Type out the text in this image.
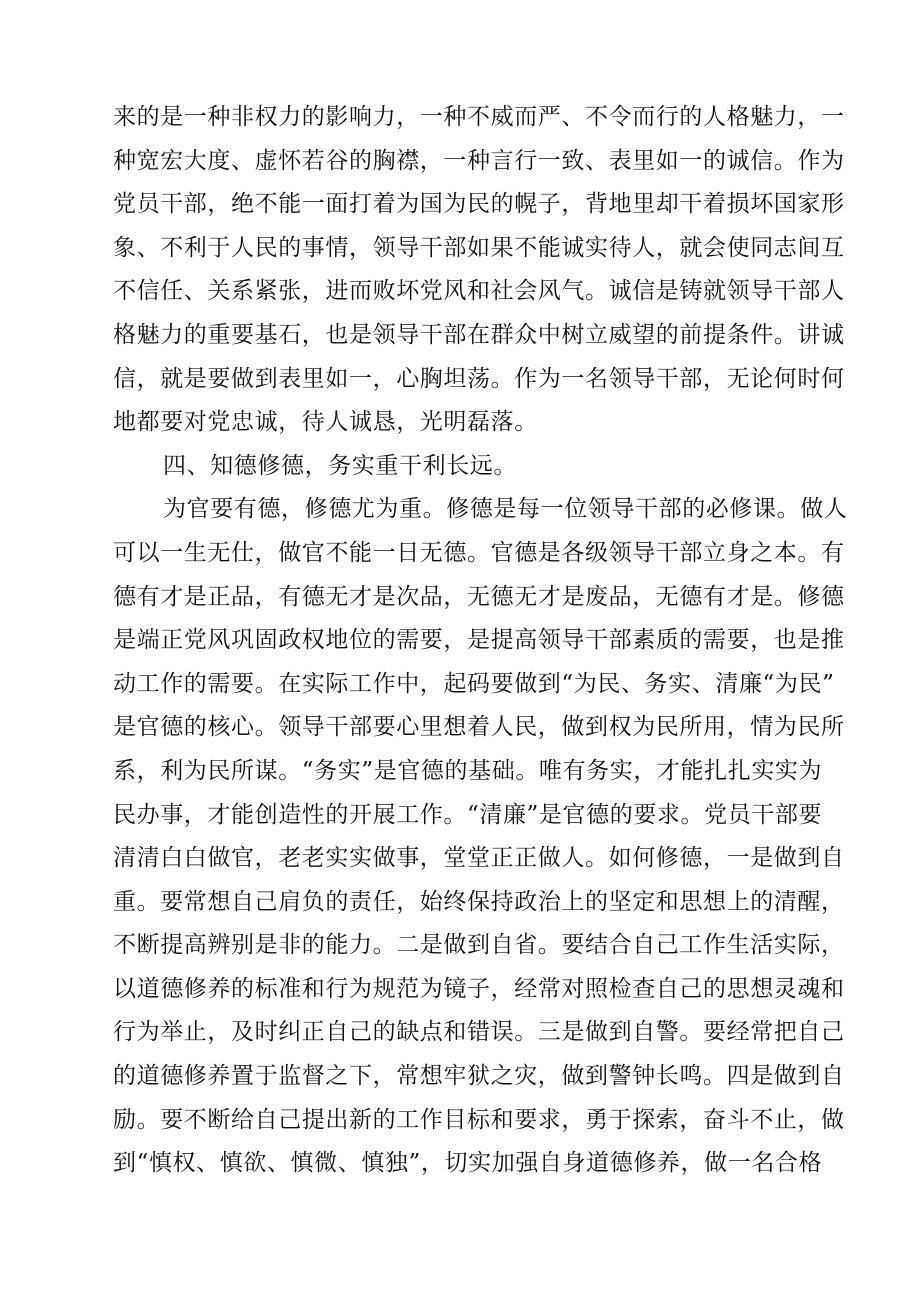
来的是一种非权力的影响力，一种不威而严、不令而行的人格魅力，一
种宽宏大度、虚怀若谷的胸襟，一种言行一致、表里如一的诚信。作为
党员干部，绝不能一面打着为国为民的幌子，背地里却干着损坏国家形
象、不利于人民的事情，领导干部如果不能诚实待人，就会使同志间互
不信任、关系紧张，进而败坏党风和社会风气。诚信是铸就领导干部人
格魅力的重要基石，也是领导干部在群众中树立威望的前提条件。讲诚
信，就是要做到表里如一，心胸坦荡。作为一名领导干部，无论何时何
地都要对党忠诚，待人诚恳，光明磊落。
四、知德修德，务实重干利长远。
为官要有德，修德尤为重。修德是每一位领导干部的必修课。做人
可以一生无仕，做官不能一日无德。官德是各级领导干部立身之本。有
德有才是正品，有德无才是次品，无德无才是废品，无德有才是。修德
是端正党风巩固政权地位的需要，是提高领导干部素质的需要，也是推
动工作的需要。在实际工作中，起码要做到“为民、务实、清廉“为民”
是官德的核心。领导干部要心里想着人民，做到权为民所用，情为民所
系，利为民所谋。“务实”是官德的基础。唯有务实，才能扎扎实实为
民办事，才能创造性的开展工作。“清廉”是官德的要求。党员干部要
清清白白做官，老老实实做事，堂堂正正做人。如何修德，一是做到自
重。要常想自己肩负的责任，始终保持政治上的坚定和思想上的清醒，
不断提高辨别是非的能力。二是做到自省。要结合自己工作生活实际，
以道德修养的标准和行为规范为镜子，经常对照检查自己的思想灵魂和
行为举止，及时纠正自己的缺点和错误。三是做到自警。要经常把自己
的道德修养置于监督之下，常想牢狱之灾，做到警钟长鸣。四是做到自
励。要不断给自己提出新的工作目标和要求，勇于探索，奋斗不止，做
到“慎权、慎欲、慎微、慎独”，切实加强自身道德修养，做一名合格
